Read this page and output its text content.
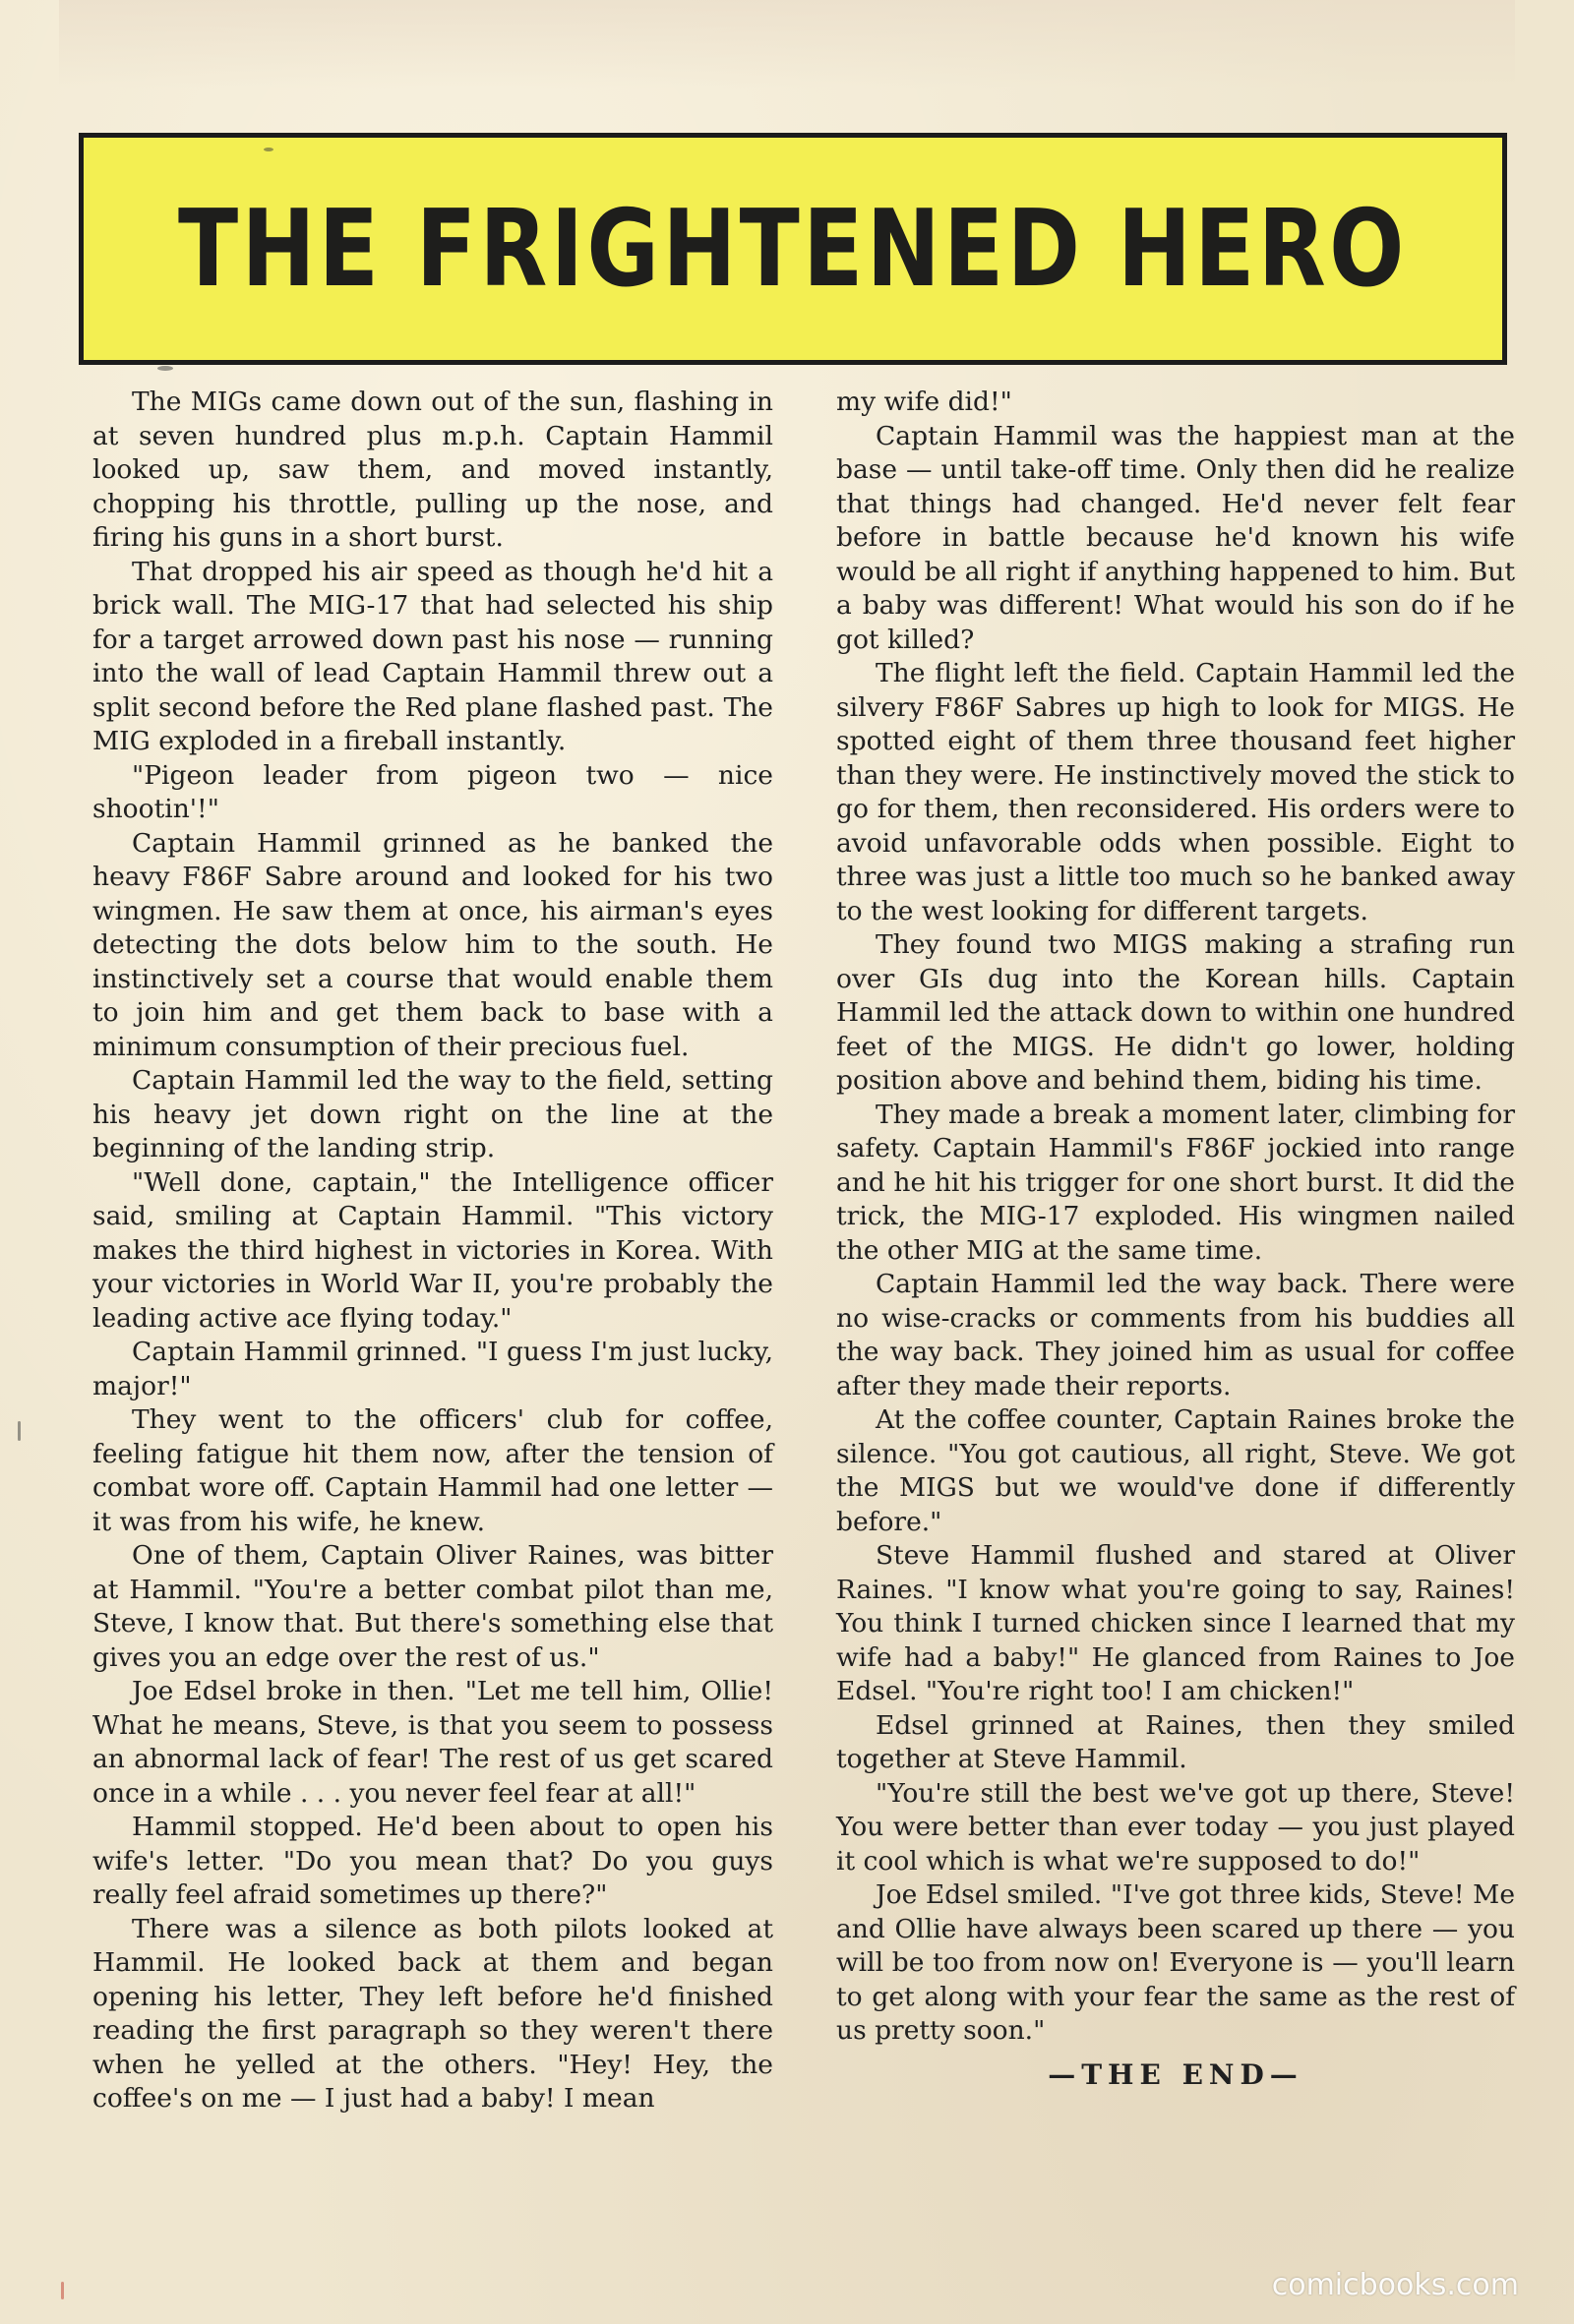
THE FRIGHTENED HERO

The MIGs came down out of the sun, flashing in at seven hundred plus m.p.h. Captain Hammil looked up, saw them, and moved instantly, chopping his throttle, pulling up the nose, and firing his guns in a short burst.

That dropped his air speed as though he'd hit a brick wall. The MIG-17 that had selected his ship for a target arrowed down past his nose — running into the wall of lead Captain Hammil threw out a split second before the Red plane flashed past. The MIG exploded in a fireball instantly.

"Pigeon leader from pigeon two — nice shootin'!"

Captain Hammil grinned as he banked the heavy F86F Sabre around and looked for his two wingmen. He saw them at once, his airman's eyes detecting the dots below him to the south. He instinctively set a course that would enable them to join him and get them back to base with a minimum consumption of their precious fuel.

Captain Hammil led the way to the field, setting his heavy jet down right on the line at the beginning of the landing strip.

"Well done, captain," the Intelligence officer said, smiling at Captain Hammil. "This victory makes the third highest in victories in Korea. With your victories in World War II, you're probably the leading active ace flying today."

Captain Hammil grinned. "I guess I'm just lucky, major!"

They went to the officers' club for coffee, feeling fatigue hit them now, after the tension of combat wore off. Captain Hammil had one letter — it was from his wife, he knew.

One of them, Captain Oliver Raines, was bitter at Hammil. "You're a better combat pilot than me, Steve, I know that. But there's something else that gives you an edge over the rest of us."

Joe Edsel broke in then. "Let me tell him, Ollie! What he means, Steve, is that you seem to possess an abnormal lack of fear! The rest of us get scared once in a while . . . you never feel fear at all!"

Hammil stopped. He'd been about to open his wife's letter. "Do you mean that? Do you guys really feel afraid sometimes up there?"

There was a silence as both pilots looked at Hammil. He looked back at them and began opening his letter, They left before he'd finished reading the first paragraph so they weren't there when he yelled at the others. "Hey! Hey, the coffee's on me — I just had a baby! I mean

my wife did!"

Captain Hammil was the happiest man at the base — until take-off time. Only then did he realize that things had changed. He'd never felt fear before in battle because he'd known his wife would be all right if anything happened to him. But a baby was different! What would his son do if he got killed?

The flight left the field. Captain Hammil led the silvery F86F Sabres up high to look for MIGS. He spotted eight of them three thousand feet higher than they were. He instinctively moved the stick to go for them, then reconsidered. His orders were to avoid unfavorable odds when possible. Eight to three was just a little too much so he banked away to the west looking for different targets.

They found two MIGS making a strafing run over GIs dug into the Korean hills. Captain Hammil led the attack down to within one hundred feet of the MIGS. He didn't go lower, holding position above and behind them, biding his time.

They made a break a moment later, climbing for safety. Captain Hammil's F86F jockied into range and he hit his trigger for one short burst. It did the trick, the MIG-17 exploded. His wingmen nailed the other MIG at the same time.

Captain Hammil led the way back. There were no wise-cracks or comments from his buddies all the way back. They joined him as usual for coffee after they made their reports.

At the coffee counter, Captain Raines broke the silence. "You got cautious, all right, Steve. We got the MIGS but we would've done if differently before."

Steve Hammil flushed and stared at Oliver Raines. "I know what you're going to say, Raines! You think I turned chicken since I learned that my wife had a baby!" He glanced from Raines to Joe Edsel. "You're right too! I am chicken!"

Edsel grinned at Raines, then they smiled together at Steve Hammil.

"You're still the best we've got up there, Steve! You were better than ever today — you just played it cool which is what we're supposed to do!"

Joe Edsel smiled. "I've got three kids, Steve! Me and Ollie have always been scared up there — you will be too from now on! Everyone is — you'll learn to get along with your fear the same as the rest of us pretty soon."

—THE END—

comicbooks.com
